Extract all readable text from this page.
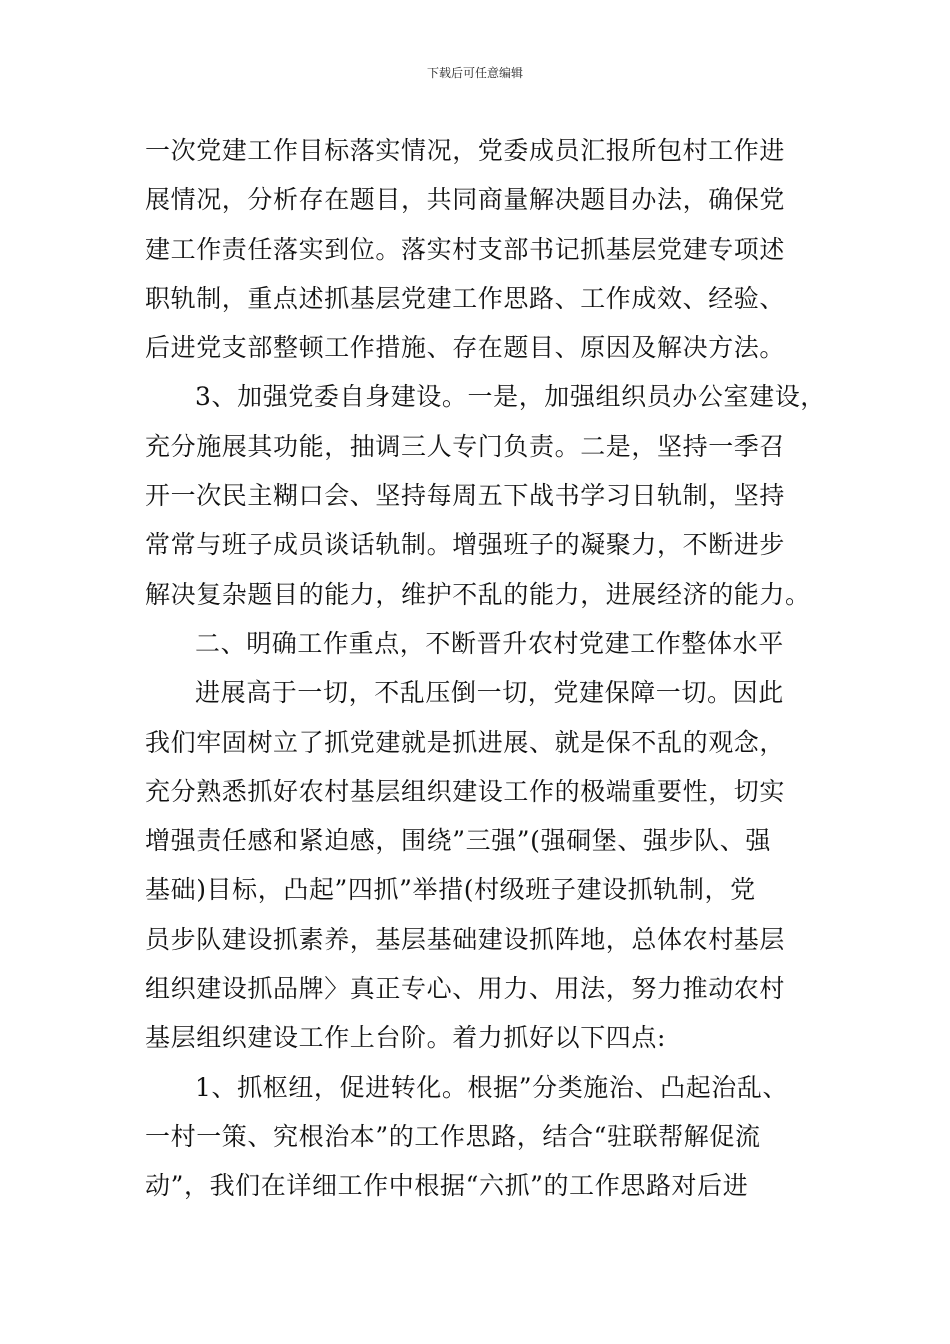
下载后可任意编辑
一次党建工作目标落实情况，党委成员汇报所包村工作进
展情况，分析存在题目，共同商量解决题目办法，确保党
建工作责任落实到位。落实村支部书记抓基层党建专项述
职轨制，重点述抓基层党建工作思路、工作成效、经验、
后进党支部整顿工作措施、存在题目、原因及解决方法。
3、加强党委自身建设。一是，加强组织员办公室建设，
充分施展其功能，抽调三人专门负责。二是，坚持一季召
开一次民主糊口会、坚持每周五下战书学习日轨制，坚持
常常与班子成员谈话轨制。增强班子的凝聚力，不断进步
解决复杂题目的能力，维护不乱的能力，进展经济的能力。
二、明确工作重点，不断晋升农村党建工作整体水平
进展高于一切，不乱压倒一切，党建保障一切。因此
我们牢固树立了抓党建就是抓进展、就是保不乱的观念，
充分熟悉抓好农村基层组织建设工作的极端重要性，切实
增强责任感和紧迫感，围绕”三强”(强硐堡、强步队、强
基础)目标，凸起”四抓”举措(村级班子建设抓轨制，党
员步队建设抓素养，基层基础建设抓阵地，总体农村基层
组织建设抓品牌〉真正专心、用力、用法，努力推动农村
基层组织建设工作上台阶。着力抓好以下四点:
1、抓枢纽，促进转化。根据”分类施治、凸起治乱、
一村一策、究根治本”的工作思路，结合“驻联帮解促流
动”，我们在详细工作中根据“六抓”的工作思路对后进
